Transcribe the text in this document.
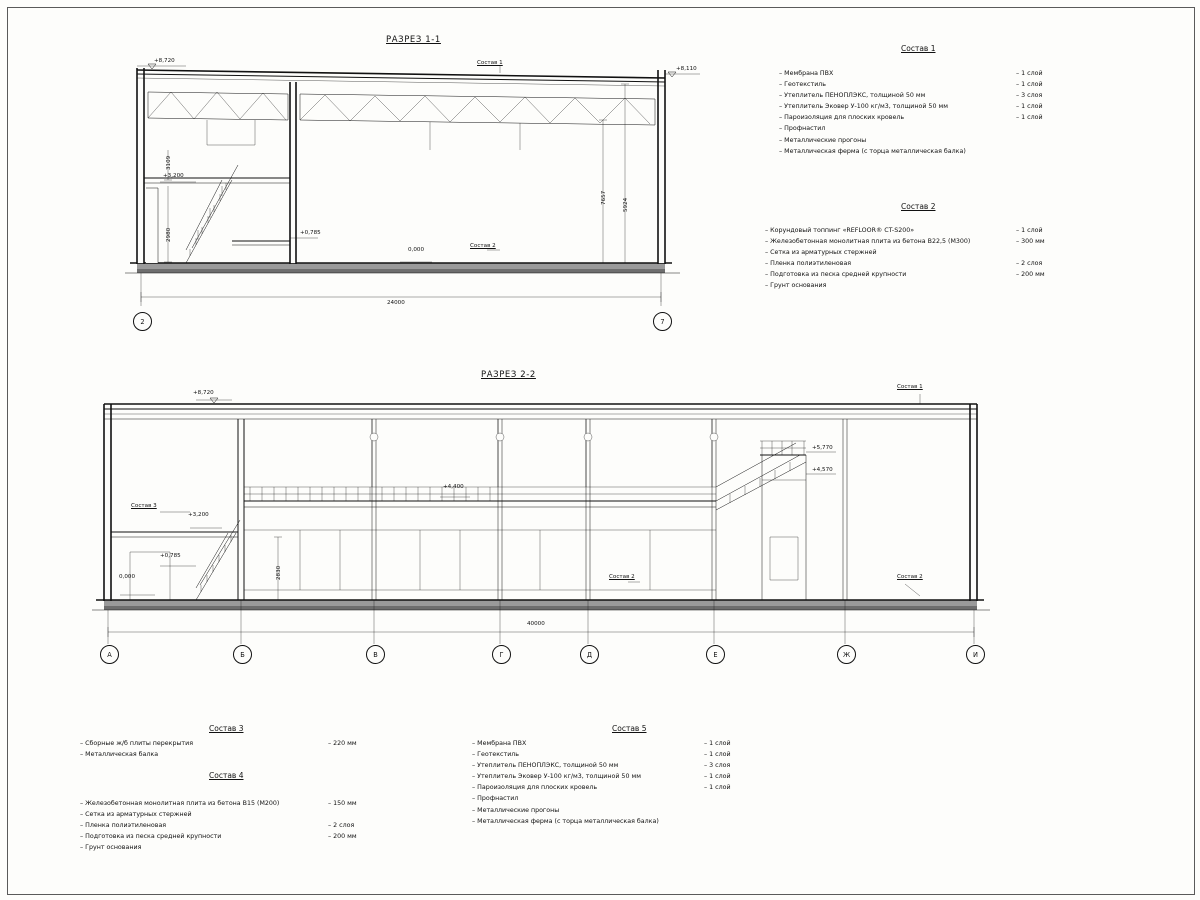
РАЗРЕЗ 1-1
+8,720
+8,110
+3,200
+0,785
0,000
3109
2980
7657	5924
24000
Состав 1
Состав 2
2	7
Состав 1
– Мембрана ПВХ	– 1 слой
– Геотекстиль	– 1 слой
– Утеплитель ПЕНОПЛЭКС, толщиной 50 мм	– 3 слоя
– Утеплитель Эковер У-100 кг/м3, толщиной 50 мм	– 1 слой
– Пароизоляция для плоских кровель	– 1 слой
– Профнастил
– Металлические прогоны
– Металлическая ферма (с торца металлическая балка)
Состав 2
– Корундовый топпинг «REFLOOR® CT-S200»	– 1 слой
– Железобетонная монолитная плита из бетона В22,5 (М300)	– 300 мм
– Сетка из арматурных стержней
– Пленка полиэтиленовая	– 2 слоя
– Подготовка из песка средней крупности	– 200 мм
– Грунт основания
РАЗРЕЗ 2-2
+8,720
+5,770
+4,570
+4,400
+3,200
+0,785
0,000	2830
40000
Состав 1
Состав 2	Состав 2
Состав 3
А	Б	В	Г	Д	Е	Ж	И
Состав 3
– Сборные ж/б плиты перекрытия	– 220 мм
– Металлическая балка
Состав 4
– Железобетонная монолитная плита из бетона В15 (М200)	– 150 мм
– Сетка из арматурных стержней
– Пленка полиэтиленовая	– 2 слоя
– Подготовка из песка средней крупности	– 200 мм
– Грунт основания
Состав 5
– Мембрана ПВХ	– 1 слой
– Геотекстиль	– 1 слой
– Утеплитель ПЕНОПЛЭКС, толщиной 50 мм	– 3 слоя
– Утеплитель Эковер У-100 кг/м3, толщиной 50 мм	– 1 слой
– Пароизоляция для плоских кровель	– 1 слой
– Профнастил
– Металлические прогоны
– Металлическая ферма (с торца металлическая балка)
